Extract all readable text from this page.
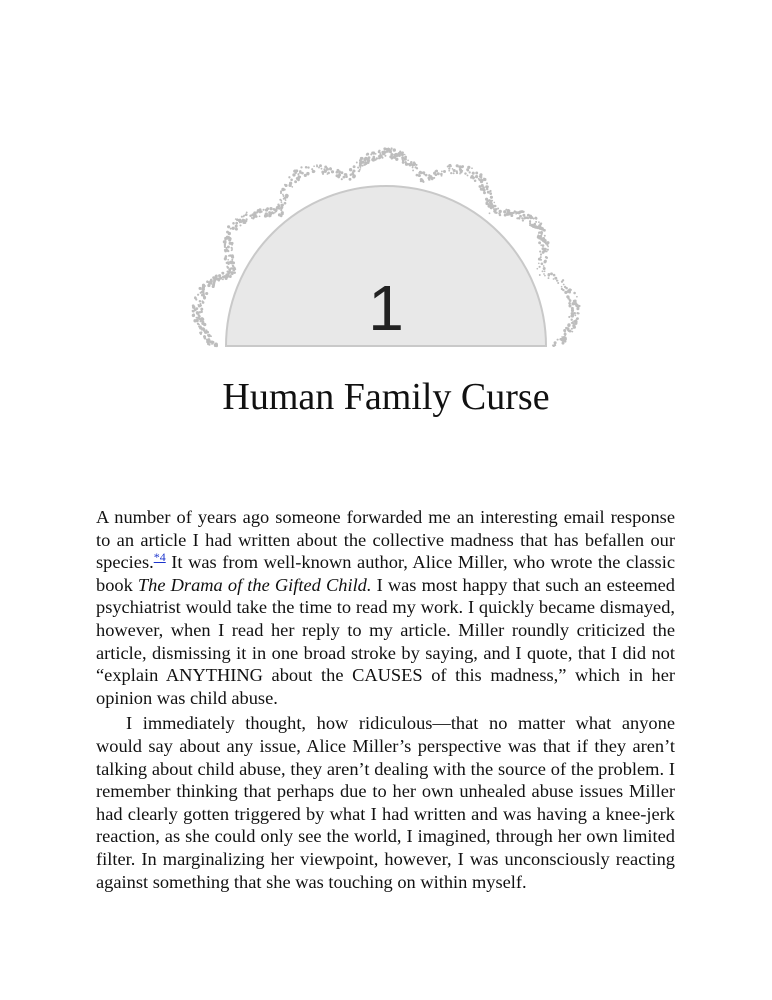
1
Human Family Curse

A number of years ago someone forwarded me an interesting email response to an article I had written about the collective madness that has befallen our species.$^{*4}$ It was from well-known author, Alice Miller, who wrote the classic book The Drama of the Gifted Child. I was most happy that such an esteemed psychiatrist would take the time to read my work. I quickly became dismayed, however, when I read her reply to my article. Miller roundly criticized the article, dismissing it in one broad stroke by saying, and I quote, that I did not “explain ANYTHING about the CAUSES of this madness,” which in her opinion was child abuse.

I immediately thought, how ridiculous—that no matter what anyone would say about any issue, Alice Miller’s perspective was that if they aren’t talking about child abuse, they aren’t dealing with the source of the problem. I remember thinking that perhaps due to her own unhealed abuse issues Miller had clearly gotten triggered by what I had written and was having a knee-jerk reaction, as she could only see the world, I imagined, through her own limited filter. In marginalizing her viewpoint, however, I was unconsciously reacting against something that she was touching on within myself.
